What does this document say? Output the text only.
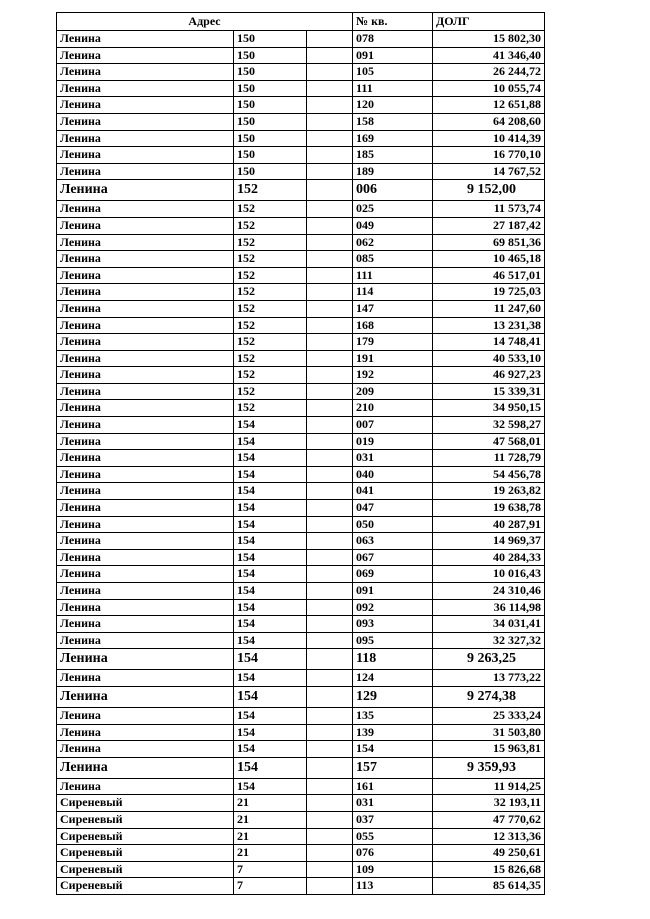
Адрес			№ кв.	ДОЛГ
Ленина	150		078	15 802,30
Ленина	150		091	41 346,40
Ленина	150		105	26 244,72
Ленина	150		111	10 055,74
Ленина	150		120	12 651,88
Ленина	150		158	64 208,60
Ленина	150		169	10 414,39
Ленина	150		185	16 770,10
Ленина	150		189	14 767,52
Ленина	152		006	9 152,00
Ленина	152		025	11 573,74
Ленина	152		049	27 187,42
Ленина	152		062	69 851,36
Ленина	152		085	10 465,18
Ленина	152		111	46 517,01
Ленина	152		114	19 725,03
Ленина	152		147	11 247,60
Ленина	152		168	13 231,38
Ленина	152		179	14 748,41
Ленина	152		191	40 533,10
Ленина	152		192	46 927,23
Ленина	152		209	15 339,31
Ленина	152		210	34 950,15
Ленина	154		007	32 598,27
Ленина	154		019	47 568,01
Ленина	154		031	11 728,79
Ленина	154		040	54 456,78
Ленина	154		041	19 263,82
Ленина	154		047	19 638,78
Ленина	154		050	40 287,91
Ленина	154		063	14 969,37
Ленина	154		067	40 284,33
Ленина	154		069	10 016,43
Ленина	154		091	24 310,46
Ленина	154		092	36 114,98
Ленина	154		093	34 031,41
Ленина	154		095	32 327,32
Ленина	154		118	9 263,25
Ленина	154		124	13 773,22
Ленина	154		129	9 274,38
Ленина	154		135	25 333,24
Ленина	154		139	31 503,80
Ленина	154		154	15 963,81
Ленина	154		157	9 359,93
Ленина	154		161	11 914,25
Сиреневый	21		031	32 193,11
Сиреневый	21		037	47 770,62
Сиреневый	21		055	12 313,36
Сиреневый	21		076	49 250,61
Сиреневый	7		109	15 826,68
Сиреневый	7		113	85 614,35
